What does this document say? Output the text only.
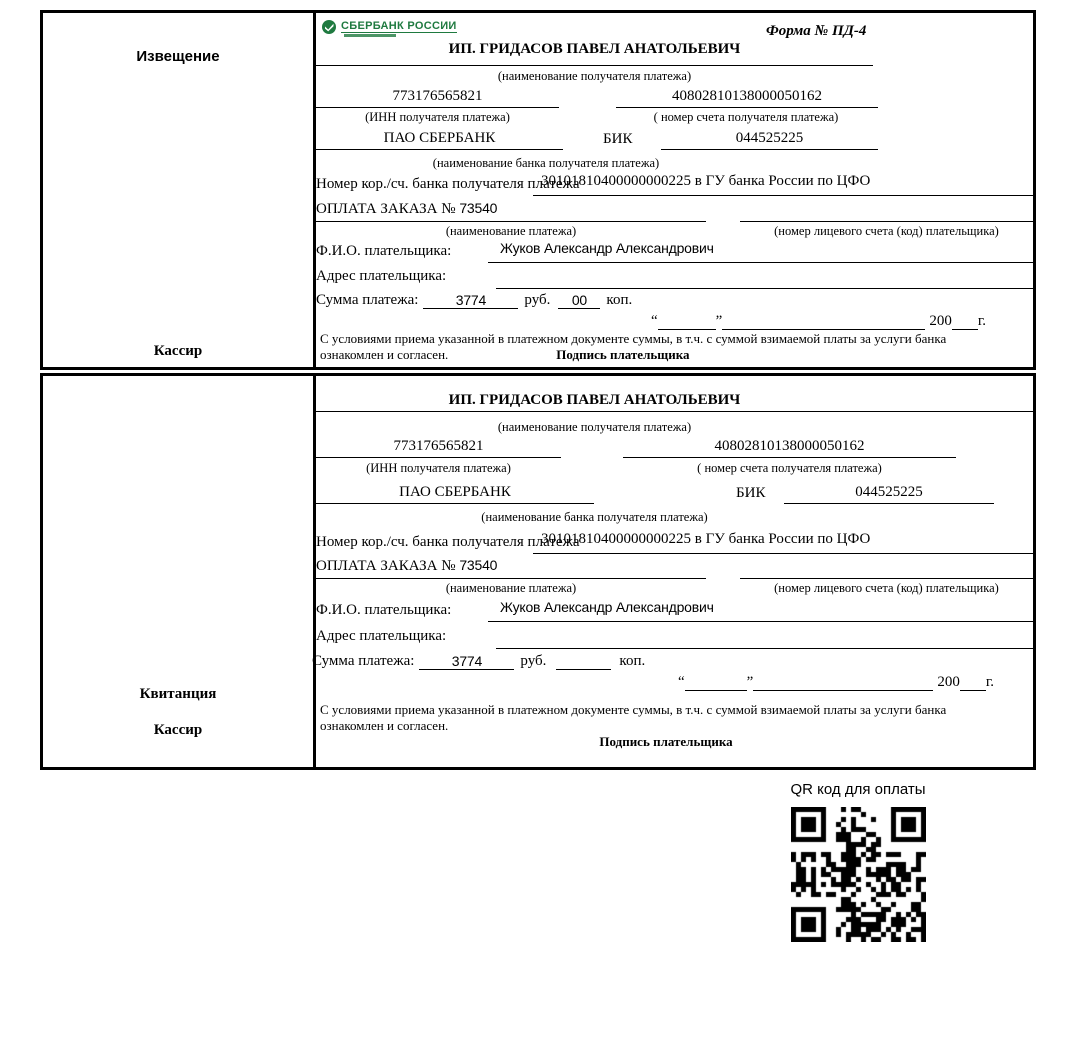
Извещение
Кассир
СБЕРБАНК РОССИИ	Форма № ПД-4
ИП. ГРИДАСОВ ПАВЕЛ АНАТОЛЬЕВИЧ
(наименование получателя платежа)
773176565821	40802810138000050162
(ИНН получателя платежа)	( номер счета получателя платежа)
ПАО СБЕРБАНК	БИК	044525225
(наименование банка получателя платежа)
Номер кор./сч. банка получателя платежа
30101810400000000225 в ГУ банка России по ЦФО
ОПЛАТА ЗАКАЗА № 73540
(наименование платежа)	(номер лицевого счета (код) плательщика)
Ф.И.О. плательщика:	Жуков Александр Александрович
Адрес плательщика:
Сумма платежа:	3774	руб.	00	коп.
“	”	200 г.
С условиями приема указанной в платежном документе суммы, в т.ч. с суммой взимаемой платы за услуги банка
ознакомлен и согласен.	Подпись плательщика
Квитанция
Кассир
ИП. ГРИДАСОВ ПАВЕЛ АНАТОЛЬЕВИЧ
(наименование получателя платежа)
773176565821	40802810138000050162
(ИНН получателя платежа)	( номер счета получателя платежа)
ПАО СБЕРБАНК	БИК	044525225
(наименование банка получателя платежа)
Номер кор./сч. банка получателя платежа
30101810400000000225 в ГУ банка России по ЦФО
ОПЛАТА ЗАКАЗА № 73540
(наименование платежа)	(номер лицевого счета (код) плательщика)
Ф.И.О. плательщика:	Жуков Александр Александрович
Адрес плательщика:
Сумма платежа:	3774	руб.	коп.
“	”	200 г.
С условиями приема указанной в платежном документе суммы, в т.ч. с суммой взимаемой платы за услуги банка
ознакомлен и согласен.
Подпись плательщика
QR код для оплаты
